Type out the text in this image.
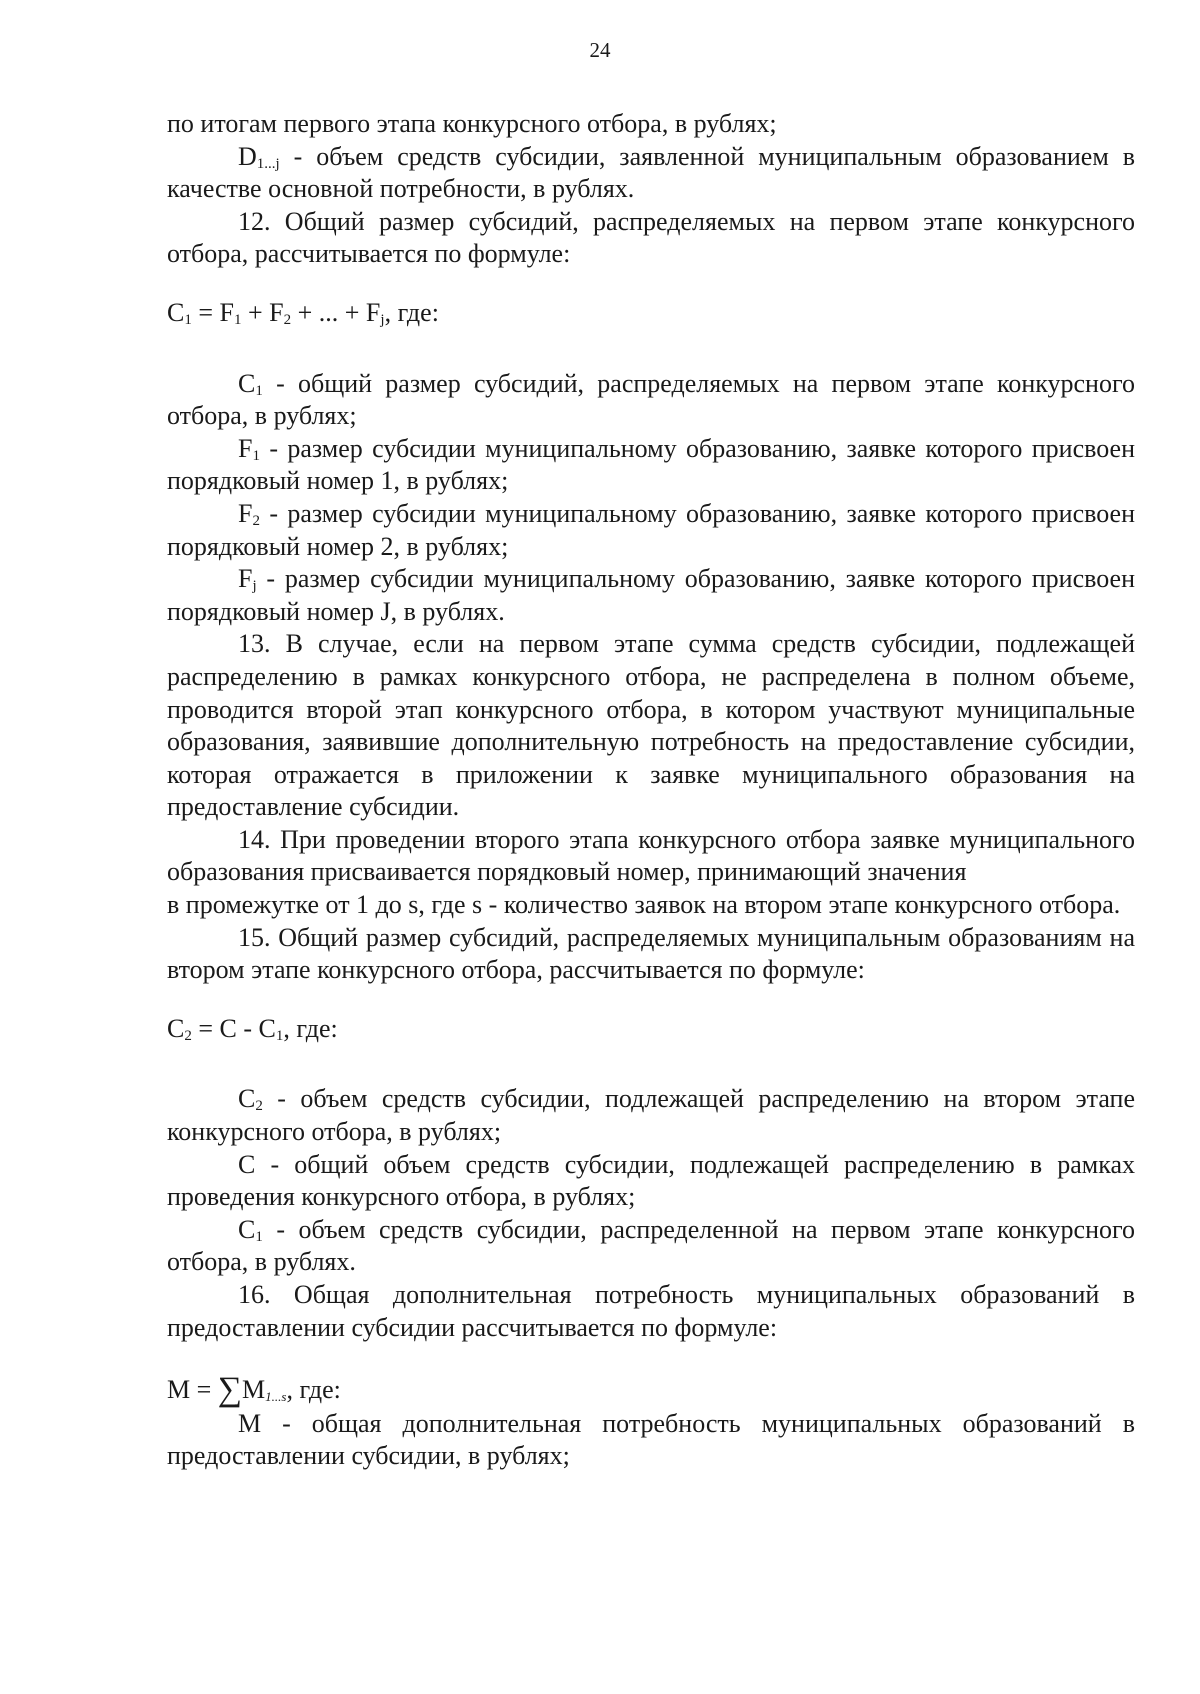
24

по итогам первого этапа конкурсного отбора, в рублях;

$D_{1...j}$ - объем средств субсидии, заявленной муниципальным образованием в качестве основной потребности, в рублях.

12. Общий размер субсидий, распределяемых на первом этапе конкурсного отбора, рассчитывается по формуле:

$C_1 = F_1 + F_2$ + ... + $F_j$, где:

$C_1$ - общий размер субсидий, распределяемых на первом этапе конкурсного отбора, в рублях;

$F_1$ - размер субсидии муниципальному образованию, заявке которого присвоен порядковый номер 1, в рублях;

$F_2$ - размер субсидии муниципальному образованию, заявке которого присвоен порядковый номер 2, в рублях;

$F_j$ - размер субсидии муниципальному образованию, заявке которого присвоен порядковый номер J, в рублях.

13. В случае, если на первом этапе сумма средств субсидии, подлежащей распределению в рамках конкурсного отбора, не распределена в полном объеме, проводится второй этап конкурсного отбора, в котором участвуют муниципальные образования, заявившие дополнительную потребность на предоставление субсидии, которая отражается в приложении к заявке муниципального образования на предоставление субсидии.

14. При проведении второго этапа конкурсного отбора заявке муниципального образования присваивается порядковый номер, принимающий значения

в промежутке от 1 до s, где s - количество заявок на втором этапе конкурсного отбора.

15. Общий размер субсидий, распределяемых муниципальным образованиям на втором этапе конкурсного отбора, рассчитывается по формуле:

$C_2 = C - C_1$, где:

$C_2$ - объем средств субсидии, подлежащей распределению на втором этапе конкурсного отбора, в рублях;

C - общий объем средств субсидии, подлежащей распределению в рамках проведения конкурсного отбора, в рублях;

$C_1$ - объем средств субсидии, распределенной на первом этапе конкурсного отбора, в рублях.

16. Общая дополнительная потребность муниципальных образований в предоставлении субсидии рассчитывается по формуле:

M = ∑M1...s, где:

M - общая дополнительная потребность муниципальных образований в предоставлении субсидии, в рублях;
